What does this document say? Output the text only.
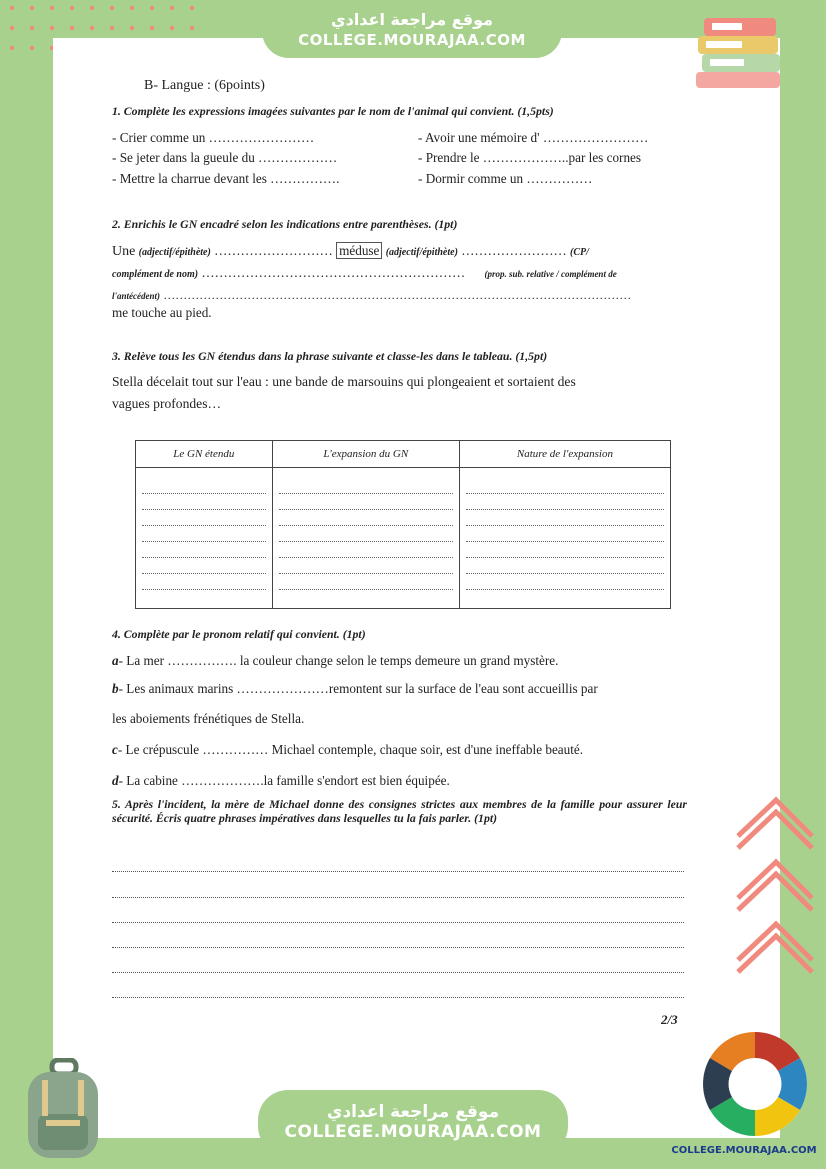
موقع مراجعة اعدادي
COLLEGE.MOURAJAA.COM
B- Langue : (6points)
1. Complète les expressions imagées suivantes par le nom de l'animal qui convient. (1,5pts)
- Crier comme un ……………………
- Se jeter dans la gueule du ………………
- Mettre la charrue devant les …………….
- Avoir une mémoire d' ……………………
- Prendre le ………………..par les cornes
- Dormir comme un ……………
2. Enrichis le GN encadré selon les indications entre parenthèses. (1pt)
Une (adjectif/épithète) ……………………… méduse (adjectif/épithète) …………………… (CP/
complément de nom) …………………………………………………… (prop. sub. relative / complément de
l'antécédent) ………………………………………………………………………………………………………
me touche au pied.
3. Relève tous les GN étendus dans la phrase suivante et classe-les dans le tableau. (1,5pt)
Stella décelait tout sur l'eau : une bande de marsouins qui plongeaient et sortaient des
vagues profondes…
Le GN étendu	L'expansion du GN	Nature de l'expansion

4. Complète par le pronom relatif qui convient. (1pt)
a- La mer ……………. la couleur change selon le temps demeure un grand mystère.
b- Les animaux marins …………………remontent sur la surface de l'eau sont accueillis par
les aboiements frénétiques de Stella.
c- Le crépuscule …………… Michael contemple, chaque soir, est d'une ineffable beauté.
d- La cabine ……………….la famille s'endort est bien équipée.
5. Après l'incident, la mère de Michael donne des consignes strictes aux membres de la famille pour assurer leur sécurité. Écris quatre phrases impératives dans lesquelles tu la fais parler. (1pt)
2/3
موقع مراجعة اعدادي
COLLEGE.MOURAJAA.COM
COLLEGE.MOURAJAA.COM
